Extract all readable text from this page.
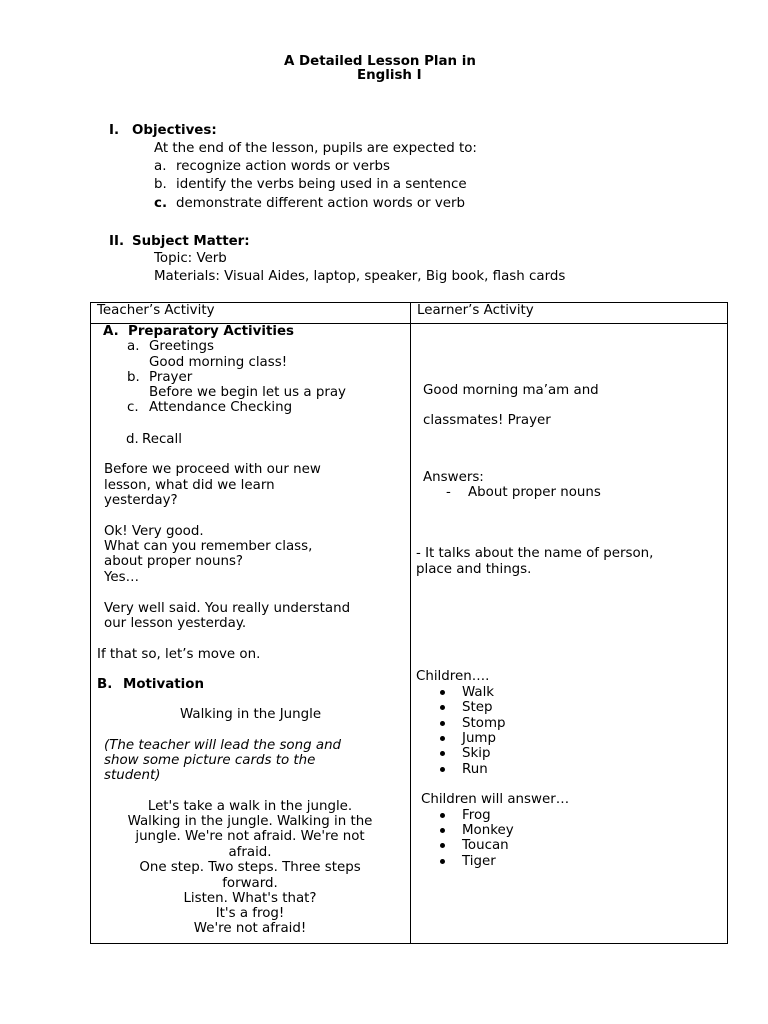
A Detailed Lesson Plan in
English I
I. Objectives:
At the end of the lesson, pupils are expected to:
a. recognize action words or verbs
b. identify the verbs being used in a sentence
c. demonstrate different action words or verb
II. Subject Matter:
Topic: Verb
Materials: Visual Aides, laptop, speaker, Big book, flash cards
Teacher’s Activity	Learner’s Activity
A. Preparatory Activities
a. Greetings
Good morning class!
b. Prayer
Before we begin let us a pray
c. Attendance Checking
d. Recall
Before we proceed with our new
lesson, what did we learn
yesterday?
Ok! Very good.
What can you remember class,
about proper nouns?
Yes…
Very well said. You really understand
our lesson yesterday.
If that so, let’s move on.
B. Motivation
Walking in the Jungle
(The teacher will lead the song and
show some picture cards to the
student)
Let's take a walk in the jungle.
Walking in the jungle. Walking in the
jungle. We're not afraid. We're not
afraid.
One step. Two steps. Three steps
forward.
Listen. What's that?
It's a frog!
We're not afraid!
Good morning ma’am and
classmates! Prayer
Answers:
- About proper nouns
- It talks about the name of person,
place and things.
Children….
Walk
Step
Stomp
Jump
Skip
Run
Children will answer…
Frog
Monkey
Toucan
Tiger
